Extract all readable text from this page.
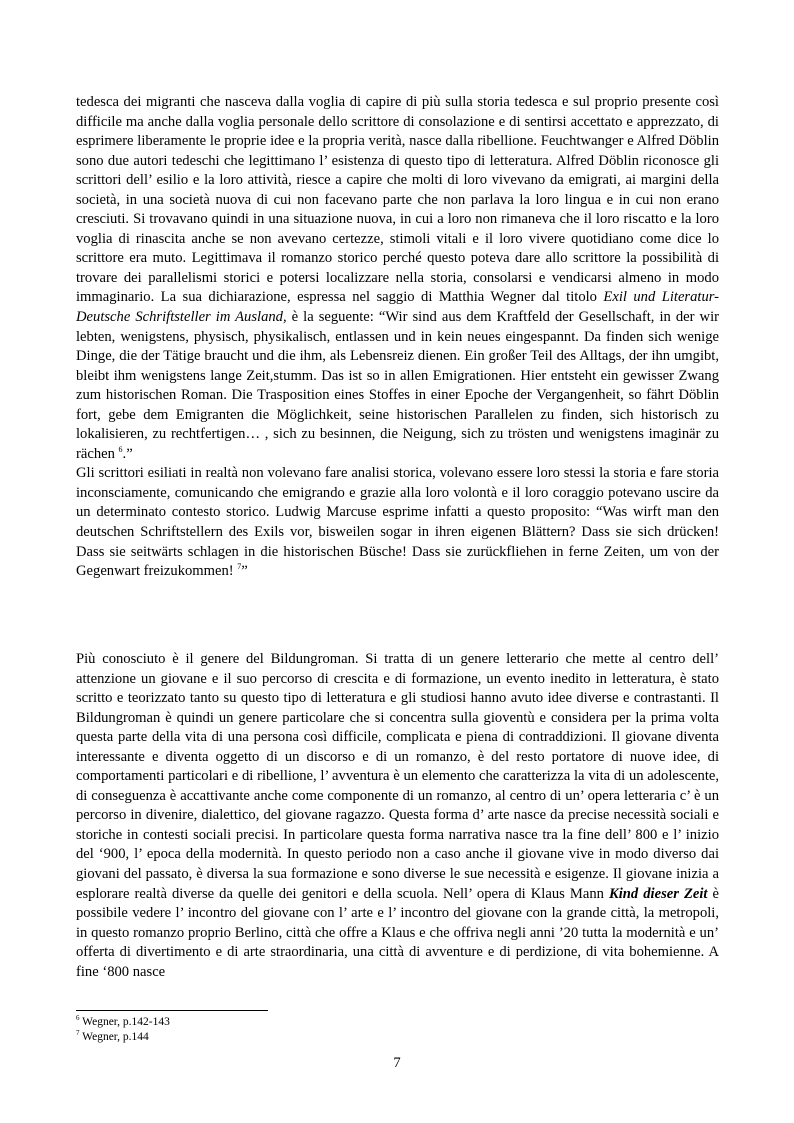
tedesca dei migranti che nasceva dalla voglia di capire di più sulla storia tedesca e sul proprio presente così difficile ma anche dalla voglia personale dello scrittore di consolazione e di sentirsi accettato e apprezzato, di esprimere liberamente le proprie idee e la propria verità, nasce dalla ribellione. Feuchtwanger e Alfred Döblin sono due autori tedeschi che legittimano l’ esistenza di questo tipo di letteratura. Alfred Döblin riconosce gli scrittori dell’ esilio e la loro attività, riesce a capire che molti di loro vivevano da emigrati, ai margini della società, in una società nuova di cui non facevano parte che non parlava la loro lingua e in cui non erano cresciuti. Si trovavano quindi in una situazione nuova, in cui a loro non rimaneva che il loro riscatto e la loro voglia di rinascita anche se non avevano certezze, stimoli vitali e il loro vivere quotidiano come dice lo scrittore era muto. Legittimava il romanzo storico perché questo poteva dare allo scrittore la possibilità di trovare dei parallelismi storici e potersi localizzare nella storia, consolarsi e vendicarsi almeno in modo immaginario. La sua dichiarazione, espressa nel saggio di Matthia Wegner dal titolo Exil und Literatur- Deutsche Schriftsteller im Ausland, è la seguente: “Wir sind aus dem Kraftfeld der Gesellschaft, in der wir lebten, wenigstens, physisch, physikalisch, entlassen und in kein neues eingespannt. Da finden sich wenige Dinge, die der Tätige braucht und die ihm, als Lebensreiz dienen. Ein großer Teil des Alltags, der ihn umgibt, bleibt ihm wenigstens lange Zeit,stumm. Das ist so in allen Emigrationen. Hier entsteht ein gewisser Zwang zum historischen Roman. Die Trasposition eines Stoffes in einer Epoche der Vergangenheit, so fährt Döblin fort, gebe dem Emigranten die Möglichkeit, seine historischen Parallelen zu finden, sich historisch zu lokalisieren, zu rechtfertigen… , sich zu besinnen, die Neigung, sich zu trösten und wenigstens imaginär zu rächen $^6$.”

Gli scrittori esiliati in realtà non volevano fare analisi storica, volevano essere loro stessi la storia e fare storia inconsciamente, comunicando che emigrando e grazie alla loro volontà e il loro coraggio potevano uscire da un determinato contesto storico. Ludwig Marcuse esprime infatti a questo proposito: “Was wirft man den deutschen Schriftstellern des Exils vor, bisweilen sogar in ihren eigenen Blättern? Dass sie sich drücken! Dass sie seitwärts schlagen in die historischen Büsche! Dass sie zurückfliehen in ferne Zeiten, um von der Gegenwart freizukommen! $^7$”

Più conosciuto è il genere del Bildungroman. Si tratta di un genere letterario che mette al centro dell’ attenzione un giovane e il suo percorso di crescita e di formazione, un evento inedito in letteratura, è stato scritto e teorizzato tanto su questo tipo di letteratura e gli studiosi hanno avuto idee diverse e contrastanti. Il Bildungroman è quindi un genere particolare che si concentra sulla gioventù e considera per la prima volta questa parte della vita di una persona così difficile, complicata e piena di contraddizioni. Il giovane diventa interessante e diventa oggetto di un discorso e di un romanzo, è del resto portatore di nuove idee, di comportamenti particolari e di ribellione, l’ avventura è un elemento che caratterizza la vita di un adolescente, di conseguenza è accattivante anche come componente di un romanzo, al centro di un’ opera letteraria c’ è un percorso in divenire, dialettico, del giovane ragazzo. Questa forma d’ arte nasce da precise necessità sociali e storiche in contesti sociali precisi. In particolare questa forma narrativa nasce tra la fine dell’ 800 e l’ inizio del ‘900, l’ epoca della modernità. In questo periodo non a caso anche il giovane vive in modo diverso dai giovani del passato, è diversa la sua formazione e sono diverse le sue necessità e esigenze. Il giovane inizia a esplorare realtà diverse da quelle dei genitori e della scuola. Nell’ opera di Klaus Mann Kind dieser Zeit è possibile vedere l’ incontro del giovane con l’ arte e l’ incontro del giovane con la grande città, la metropoli, in questo romanzo proprio Berlino, città che offre a Klaus e che offriva negli anni ’20 tutta la modernità e un’ offerta di divertimento e di arte straordinaria, una città di avventure e di perdizione, di vita bohemienne. A fine ‘800 nasce

$^6$ Wegner, p.142-143
$^7$ Wegner, p.144
7
